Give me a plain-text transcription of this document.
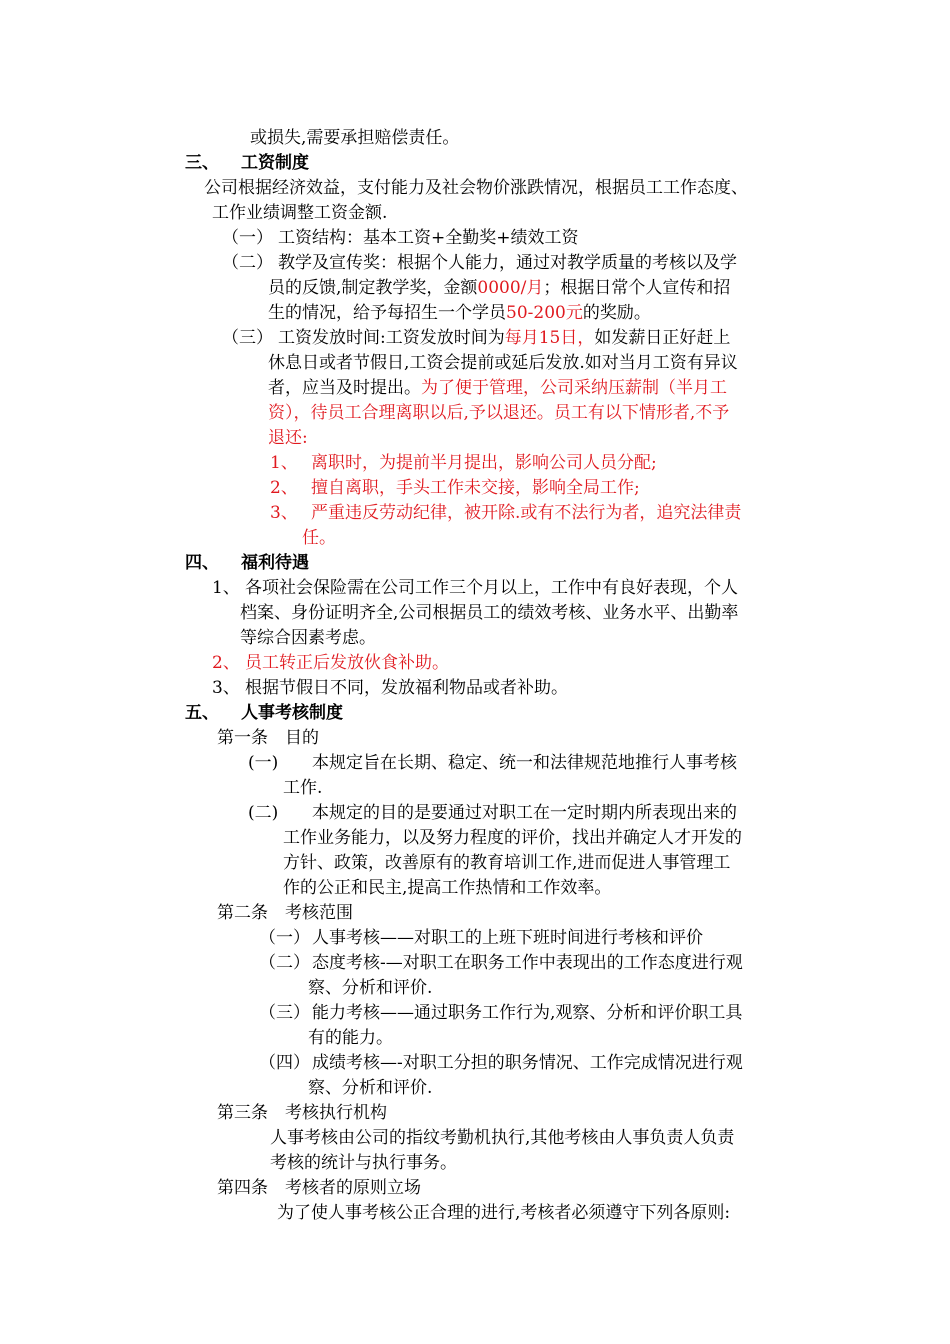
或损失,需要承担赔偿责任。
三、 工资制度
公司根据经济效益，支付能力及社会物价涨跌情况，根据员工工作态度、
工作业绩调整工资金额.
（一） 工资结构：基本工资+全勤奖+绩效工资
（二） 教学及宣传奖：根据个人能力，通过对教学质量的考核以及学
员的反馈,制定教学奖，金额0000/月；根据日常个人宣传和招
生的情况，给予每招生一个学员50-200元的奖励。
（三） 工资发放时间:工资发放时间为每月15日，如发薪日正好赶上
休息日或者节假日,工资会提前或延后发放.如对当月工资有异议
者，应当及时提出。为了便于管理，公司采纳压薪制（半月工
资），待员工合理离职以后,予以退还。员工有以下情形者,不予
退还:
1、 离职时，为提前半月提出，影响公司人员分配;
2、 擅自离职，手头工作未交接，影响全局工作;
3、 严重违反劳动纪律，被开除.或有不法行为者，追究法律责
任。
四、 福利待遇
1、 各项社会保险需在公司工作三个月以上，工作中有良好表现，个人
档案、身份证明齐全,公司根据员工的绩效考核、业务水平、出勤率
等综合因素考虑。
2、 员工转正后发放伙食补助。
3、 根据节假日不同，发放福利物品或者补助。
五、 人事考核制度
第一条　目的
(一) 本规定旨在长期、稳定、统一和法律规范地推行人事考核
工作.
(二) 本规定的目的是要通过对职工在一定时期内所表现出来的
工作业务能力，以及努力程度的评价，找出并确定人才开发的
方针、政策，改善原有的教育培训工作,进而促进人事管理工
作的公正和民主,提高工作热情和工作效率。
第二条　考核范围
（一） 人事考核——对职工的上班下班时间进行考核和评价
（二） 态度考核-—对职工在职务工作中表现出的工作态度进行观
察、分析和评价.
（三） 能力考核——通过职务工作行为,观察、分析和评价职工具
有的能力。
（四） 成绩考核—-对职工分担的职务情况、工作完成情况进行观
察、分析和评价.
第三条　考核执行机构
人事考核由公司的指纹考勤机执行,其他考核由人事负责人负责
考核的统计与执行事务。
第四条　考核者的原则立场
为了使人事考核公正合理的进行,考核者必须遵守下列各原则:
